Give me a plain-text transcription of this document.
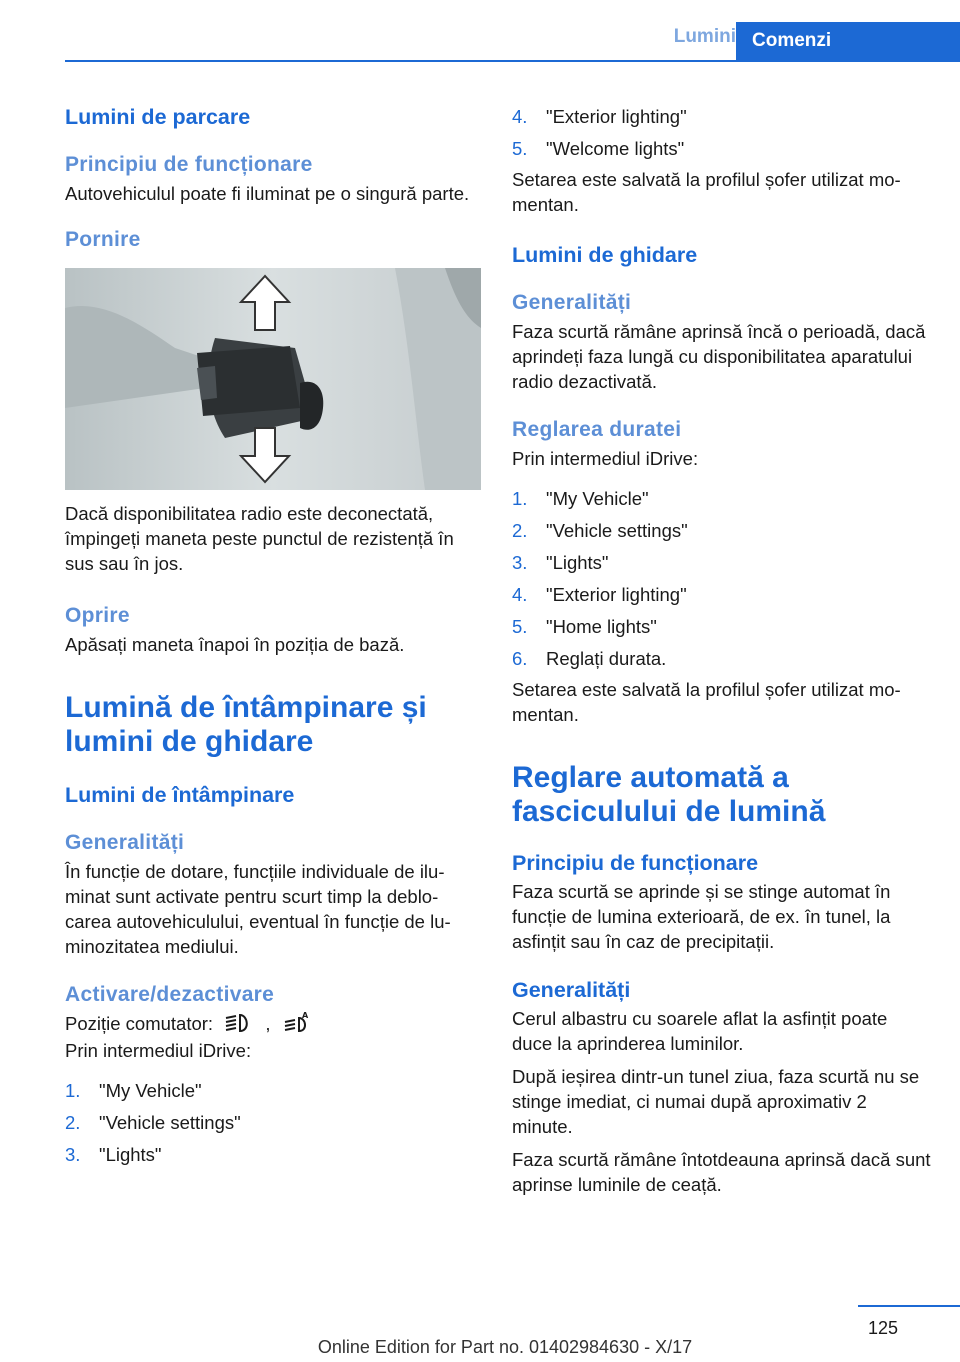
Lumini Comenzi

Lumini de parcare

Principiu de funcționare

Autovehiculul poate fi iluminat pe o singură parte.

Pornire

Dacă disponibilitatea radio este deconectată, împingeți maneta peste punctul de rezistență în sus sau în jos.

Oprire

Apăsați maneta înapoi în poziția de bază.

Lumină de întâmpinare și lumini de ghidare

Lumini de întâmpinare

Generalități

În funcție de dotare, funcțiile individuale de ilu-minat sunt activate pentru scurt timp la deblo-carea autovehiculului, eventual în funcție de lu-minozitatea mediului.

Activare/dezactivare

Poziție comutator:	,	A

Prin intermediul iDrive:

1. "My Vehicle"
2. "Vehicle settings"
3. "Lights"
4. "Exterior lighting"
5. "Welcome lights"

Setarea este salvată la profilul șofer utilizat mo-mentan.

Lumini de ghidare

Generalități

Faza scurtă rămâne aprinsă încă o perioadă, dacă aprindeți faza lungă cu disponibilitatea aparatului radio dezactivată.

Reglarea duratei

Prin intermediul iDrive:

1. "My Vehicle"
2. "Vehicle settings"
3. "Lights"
4. "Exterior lighting"
5. "Home lights"
6. Reglați durata.

Setarea este salvată la profilul șofer utilizat mo-mentan.

Reglare automată a fasciculului de lumină

Principiu de funcționare

Faza scurtă se aprinde și se stinge automat în funcție de lumina exterioară, de ex. în tunel, la asfințit sau în caz de precipitații.

Generalități

Cerul albastru cu soarele aflat la asfințit poate duce la aprinderea luminilor.

După ieșirea dintr-un tunel ziua, faza scurtă nu se stinge imediat, ci numai după aproximativ 2 minute.

Faza scurtă rămâne întotdeauna aprinsă dacă sunt aprinse luminile de ceață.

125
Online Edition for Part no. 01402984630 - X/17
